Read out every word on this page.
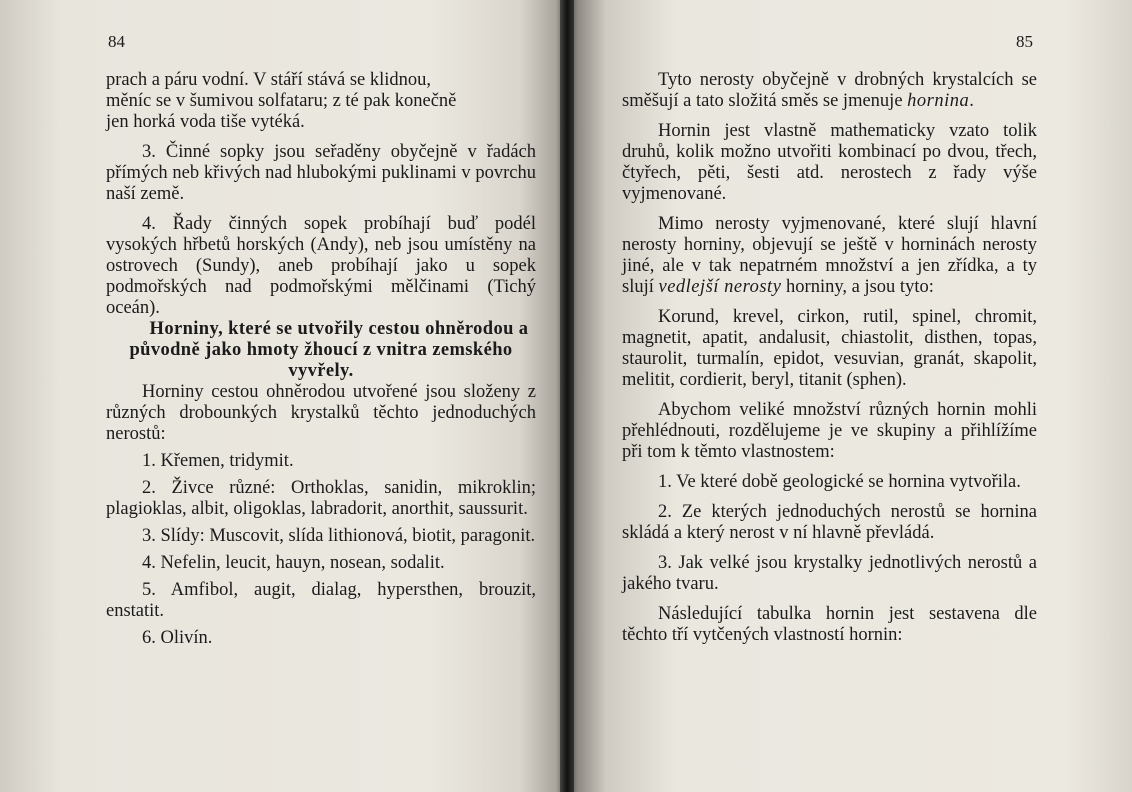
84

prach a páru vodní. V stáří stává se klidnou,

měníc se v šumivou solfataru; z té pak konečně

jen horká voda tiše vytéká.

3. Činné sopky jsou seřaděny obyčejně v řadách přímých neb křivých nad hlubokými puklinami v povrchu naší země.

4. Řady činných sopek probíhají buď podél vysokých hřbetů horských (Andy), neb jsou umístěny na ostrovech (Sundy), aneb probíhají jako u sopek podmořských nad podmořskými mělčinami (Tichý oceán).

Horniny, které se utvořily cestou ohněrodou a původně jako hmoty žhoucí z vnitra zemského vyvřely.

Horniny cestou ohněrodou utvořené jsou složeny z různých drobounkých krystalků těchto jednoduchých nerostů:

1. Křemen, tridymit.

2. Živce různé: Orthoklas, sanidin, mikroklin; plagioklas, albit, oligoklas, labradorit, anorthit, saussurit.

3. Slídy: Muscovit, slída lithionová, biotit, paragonit.

4. Nefelin, leucit, hauyn, nosean, sodalit.

5. Amfibol, augit, dialag, hypersthen, brouzit, enstatit.

6. Olivín.

85

Tyto nerosty obyčejně v drobných krystalcích se směšují a tato složitá směs se jmenuje hornina.

Hornin jest vlastně mathematicky vzato tolik druhů, kolik možno utvořiti kombinací po dvou, třech, čtyřech, pěti, šesti atd. nerostech z řady výše vyjmenované.

Mimo nerosty vyjmenované, které slují hlavní nerosty horniny, objevují se ještě v horninách nerosty jiné, ale v tak nepatrném množství a jen zřídka, a ty slují vedlejší nerosty horniny, a jsou tyto:

Korund, krevel, cirkon, rutil, spinel, chromit, magnetit, apatit, andalusit, chiastolit, disthen, topas, staurolit, turmalín, epidot, vesuvian, granát, skapolit, melitit, cordierit, beryl, titanit (sphen).

Abychom veliké množství různých hornin mohli přehlédnouti, rozdělujeme je ve skupiny a přihlížíme při tom k těmto vlastnostem:

1. Ve které době geologické se hornina vytvořila.

2. Ze kterých jednoduchých nerostů se hornina skládá a který nerost v ní hlavně převládá.

3. Jak velké jsou krystalky jednotlivých nerostů a jakého tvaru.

Následující tabulka hornin jest sestavena dle těchto tří vytčených vlastností hornin:
